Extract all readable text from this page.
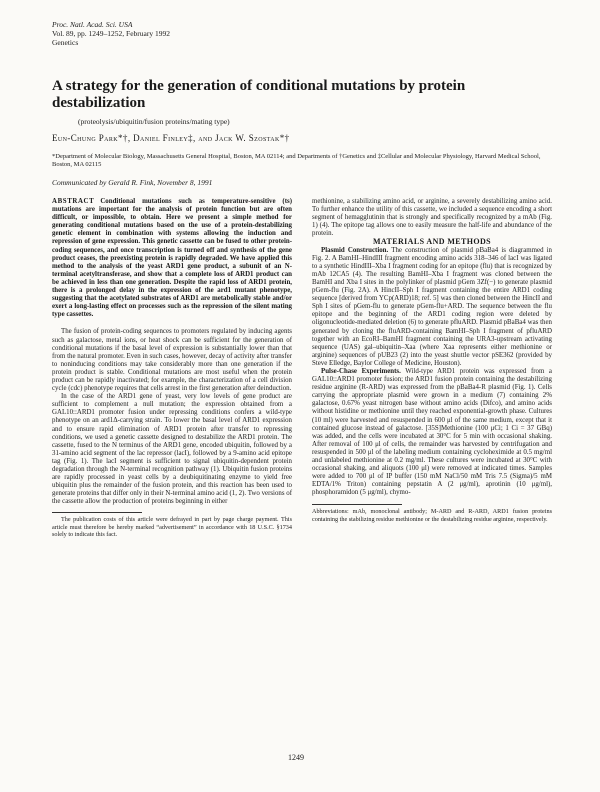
Proc. Natl. Acad. Sci. USA
Vol. 89, pp. 1249–1252, February 1992
Genetics
A strategy for the generation of conditional mutations by protein destabilization
(proteolysis/ubiquitin/fusion proteins/mating type)
Eun-Chung Park*†, Daniel Finley‡, and Jack W. Szostak*†
*Department of Molecular Biology, Massachusetts General Hospital, Boston, MA 02114; and Departments of †Genetics and ‡Cellular and Molecular Physiology, Harvard Medical School, Boston, MA 02115
Communicated by Gerald R. Fink, November 8, 1991

ABSTRACT Conditional mutations such as temperature-sensitive (ts) mutations are important for the analysis of protein function but are often difficult, or impossible, to obtain. Here we present a simple method for generating conditional mutations based on the use of a protein-destabilizing genetic element in combination with systems allowing the induction and repression of gene expression. This genetic cassette can be fused to other protein-coding sequences, and once transcription is turned off and synthesis of the gene product ceases, the preexisting protein is rapidly degraded. We have applied this method to the analysis of the yeast ARD1 gene product, a subunit of an N-terminal acetyltransferase, and show that a complete loss of ARD1 product can be achieved in less than one generation. Despite the rapid loss of ARD1 protein, there is a prolonged delay in the expression of the ard1 mutant phenotype, suggesting that the acetylated substrates of ARD1 are metabolically stable and/or exert a long-lasting effect on processes such as the repression of the silent mating type cassettes.

The fusion of protein-coding sequences to promoters regulated by inducing agents such as galactose, metal ions, or heat shock can be sufficient for the generation of conditional mutations if the basal level of expression is substantially lower than that from the natural promoter. Even in such cases, however, decay of activity after transfer to noninducing conditions may take considerably more than one generation if the protein product is stable. Conditional mutations are most useful when the protein product can be rapidly inactivated; for example, the characterization of a cell division cycle (cdc) phenotype requires that cells arrest in the first generation after deinduction.

In the case of the ARD1 gene of yeast, very low levels of gene product are sufficient to complement a null mutation; the expression obtained from a GAL10::ARD1 promoter fusion under repressing conditions confers a wild-type phenotype on an ard1Δ-carrying strain. To lower the basal level of ARD1 expression and to ensure rapid elimination of ARD1 protein after transfer to repressing conditions, we used a genetic cassette designed to destabilize the ARD1 protein. The cassette, fused to the N terminus of the ARD1 gene, encoded ubiquitin, followed by a 31-amino acid segment of the lac repressor (lacI), followed by a 9-amino acid epitope tag (Fig. 1). The lacI segment is sufficient to signal ubiquitin-dependent protein degradation through the N-terminal recognition pathway (1). Ubiquitin fusion proteins are rapidly processed in yeast cells by a deubiquitinating enzyme to yield free ubiquitin plus the remainder of the fusion protein, and this reaction has been used to generate proteins that differ only in their N-terminal amino acid (1, 2). Two versions of the cassette allow the production of proteins beginning in either

The publication costs of this article were defrayed in part by page charge payment. This article must therefore be hereby marked “advertisement” in accordance with 18 U.S.C. §1734 solely to indicate this fact.

methionine, a stabilizing amino acid, or arginine, a severely destabilizing amino acid. To further enhance the utility of this cassette, we included a sequence encoding a short segment of hemagglutinin that is strongly and specifically recognized by a mAb (Fig. 1) (4). The epitope tag allows one to easily measure the half-life and abundance of the protein.

MATERIALS AND METHODS

Plasmid Construction. The construction of plasmid pBaBa4 is diagrammed in Fig. 2. A BamHI–HindIII fragment encoding amino acids 318–346 of lacI was ligated to a synthetic HindIII–Xba I fragment coding for an epitope (flu) that is recognized by mAb 12CA5 (4). The resulting BamHI–Xba I fragment was cloned between the BamHI and Xba I sites in the polylinker of plasmid pGem 3Zf(−) to generate plasmid pGem-flu (Fig. 2A). A HincII–Sph I fragment containing the entire ARD1 coding sequence [derived from YCp(ARD)18; ref. 5] was then cloned between the HincII and Sph I sites of pGem-flu to generate pGem-flu+ARD. The sequence between the flu epitope and the beginning of the ARD1 coding region were deleted by oligonucleotide-mediated deletion (6) to generate pfluARD. Plasmid pBaBa4 was then generated by cloning the fluARD-containing BamHI–Sph I fragment of pfluARD together with an EcoRI–BamHI fragment containing the URA3-upstream activating sequence (UAS) gal–ubiquitin–Xaa (where Xaa represents either methionine or arginine) sequences of pUB23 (2) into the yeast shuttle vector pSE362 (provided by Steve Elledge, Baylor College of Medicine, Houston).

Pulse-Chase Experiments. Wild-type ARD1 protein was expressed from a GAL10::ARD1 promoter fusion; the ARD1 fusion protein containing the destabilizing residue arginine (R-ARD) was expressed from the pBaBa4-R plasmid (Fig. 1). Cells carrying the appropriate plasmid were grown in a medium (7) containing 2% galactose, 0.67% yeast nitrogen base without amino acids (Difco), and amino acids without histidine or methionine until they reached exponential-growth phase. Cultures (10 ml) were harvested and resuspended in 600 μl of the same medium, except that it contained glucose instead of galactose. [35S]Methionine (100 μCi; 1 Ci = 37 GBq) was added, and the cells were incubated at 30°C for 5 min with occasional shaking. After removal of 100 μl of cells, the remainder was harvested by centrifugation and resuspended in 500 μl of the labeling medium containing cycloheximide at 0.5 mg/ml and unlabeled methionine at 0.2 mg/ml. These cultures were incubated at 30°C with occasional shaking, and aliquots (100 μl) were removed at indicated times. Samples were added to 700 μl of IP buffer (150 mM NaCl/50 mM Tris 7.5 (Sigma)/5 mM EDTA/1% Triton) containing pepstatin A (2 μg/ml), aprotinin (10 μg/ml), phosphoramidon (5 μg/ml), chymo-

Abbreviations: mAb, monoclonal antibody; M-ARD and R-ARD, ARD1 fusion proteins containing the stabilizing residue methionine or the destabilizing residue arginine, respectively.

1249
